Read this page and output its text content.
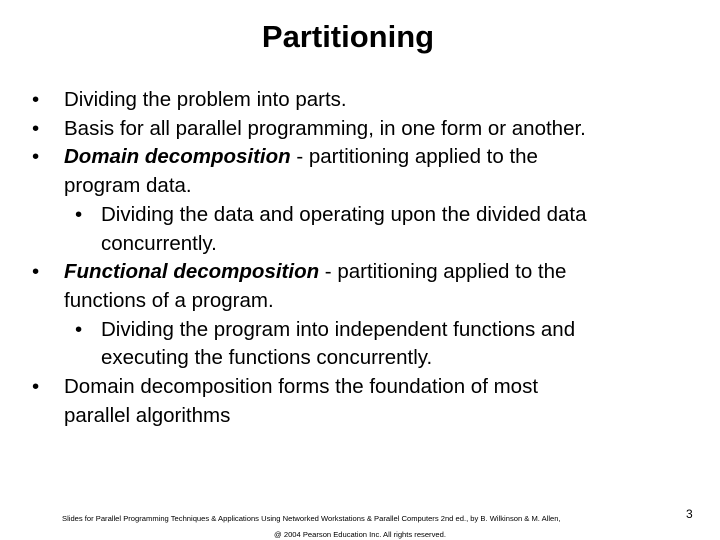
Partitioning
• Dividing the problem into parts.
• Basis for all parallel programming, in one form or another.
• Domain decomposition - partitioning applied to the
program data.
• Dividing the data and operating upon the divided data
concurrently.
• Functional decomposition - partitioning applied to the
functions of a program.
• Dividing the program into independent functions and
executing the functions concurrently.
• Domain decomposition forms the foundation of most
parallel algorithms
Slides for Parallel Programming Techniques & Applications Using Networked Workstations & Parallel Computers 2nd ed., by B. Wilkinson & M. Allen,
@ 2004 Pearson Education Inc. All rights reserved.
3
